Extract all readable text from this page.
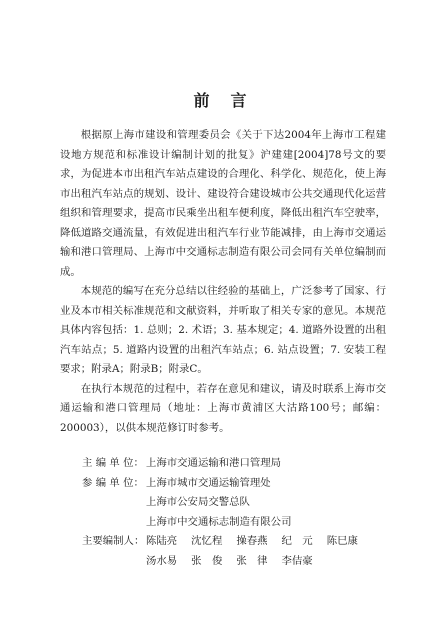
前 言

根据原上海市建设和管理委员会《关于下达2004年上海市工程建设地方规范和标准设计编制计划的批复》沪建建[2004]78号文的要求，为促进本市出租汽车站点建设的合理化、科学化、规范化，使上海市出租汽车站点的规划、设计、建设符合建设城市公共交通现代化运营组织和管理要求，提高市民乘坐出租车便利度，降低出租汽车空驶率，降低道路交通流量，有效促进出租汽车行业节能减排，由上海市交通运输和港口管理局、上海市中交通标志制造有限公司会同有关单位编制而成。

本规范的编写在充分总结以往经验的基础上，广泛参考了国家、行业及本市相关标准规范和文献资料，并听取了相关专家的意见。本规范具体内容包括：1. 总则；2. 术语；3. 基本规定；4. 道路外设置的出租汽车站点；5. 道路内设置的出租汽车站点；6. 站点设置；7. 安装工程要求；附录A；附录B；附录C。

在执行本规范的过程中，若存在意见和建议，请及时联系上海市交通运输和港口管理局（地址：上海市黄浦区大沽路100号；邮编：200003），以供本规范修订时参考。

主 编 单 位： 上海市交通运输和港口管理局
参 编 单 位： 上海市城市交通运输管理处
上海市公安局交警总队
上海市中交通标志制造有限公司
主要编制人： 陈陆亮 沈忆程 操春燕 纪　元 陈巳康
汤水易 张　俊 张　律 李佶豪
